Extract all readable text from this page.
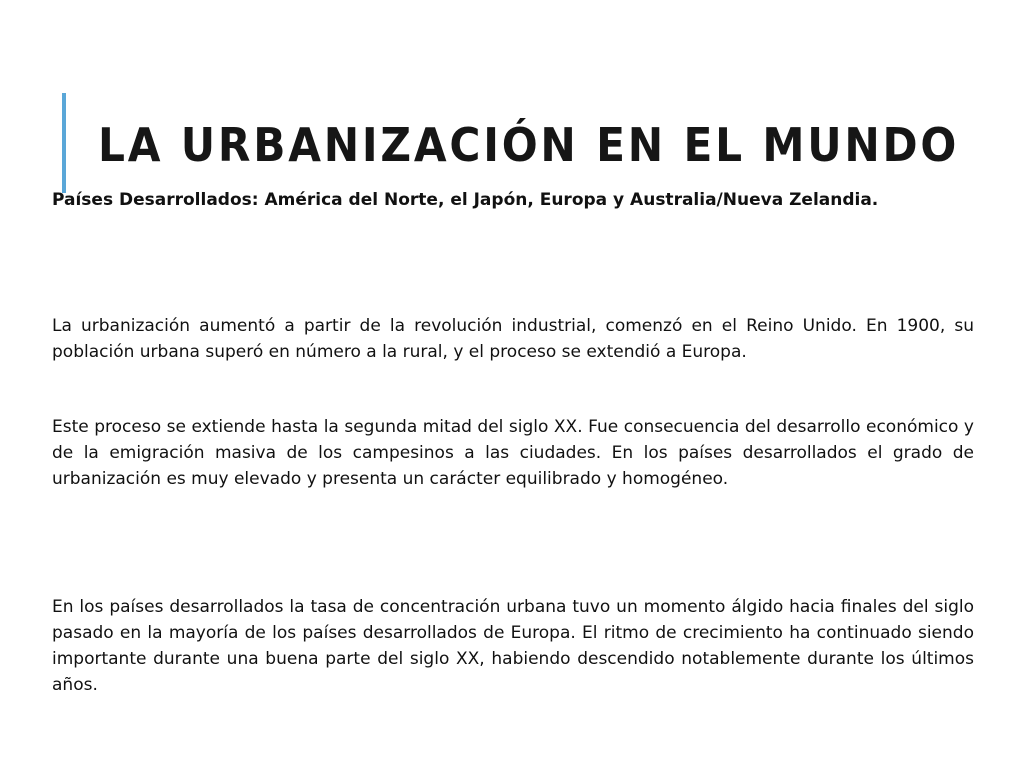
LA URBANIZACIÓN EN EL MUNDO

Países Desarrollados: América del Norte, el Japón, Europa y Australia/Nueva Zelandia.

La urbanización aumentó a partir de la revolución industrial, comenzó en el Reino Unido. En 1900, su población urbana superó en número a la rural, y el proceso se extendió a Europa.

Este proceso se extiende hasta la segunda mitad del siglo XX. Fue consecuencia del desarrollo económico y de la emigración masiva de los campesinos a las ciudades. En los países desarrollados el grado de urbanización es muy elevado y presenta un carácter equilibrado y homogéneo.

En los países desarrollados la tasa de concentración urbana tuvo un momento álgido hacia finales del siglo pasado en la mayoría de los países desarrollados de Europa. El ritmo de crecimiento ha continuado siendo importante durante una buena parte del siglo XX, habiendo descendido notablemente durante los últimos años.
